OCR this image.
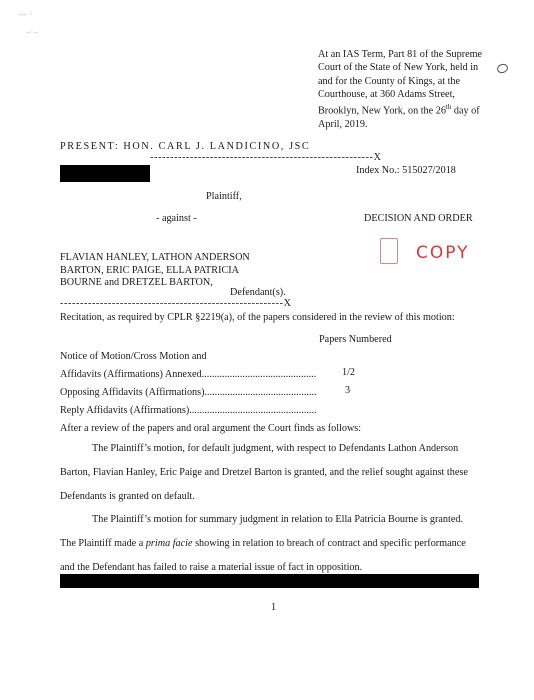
— ·
–·–
At an IAS Term, Part 81 of the Supreme Court of the State of New York, held in and for the County of Kings, at the Courthouse, at 360 Adams Street, Brooklyn, New York, on the 26th day of April, 2019.
PRESENT: HON. CARL J. LANDICINO, JSC
--------------------------------------------------------X
Index No.: 515027/2018
Plaintiff,
- against -	DECISION AND ORDER
COPY
FLAVIAN HANLEY, LATHON ANDERSON
BARTON, ERIC PAIGE, ELLA PATRICIA
BOURNE and DRETZEL BARTON,
Defendant(s).
--------------------------------------------------------X
Recitation, as required by CPLR §2219(a), of the papers considered in the review of this motion:
Papers Numbered
Notice of Motion/Cross Motion and
Affidavits (Affirmations) Annexed.............................................	1/2
Opposing Affidavits (Affirmations)............................................	3
Reply Affidavits (Affirmations)..................................................
After a review of the papers and oral argument the Court finds as follows:
The Plaintiff’s motion, for default judgment, with respect to Defendants Lathon Anderson Barton, Flavian Hanley, Eric Paige and Dretzel Barton is granted, and the relief sought against these Defendants is granted on default.
The Plaintiff’s motion for summary judgment in relation to Ella Patricia Bourne is granted. The Plaintiff made a prima facie showing in relation to breach of contract and specific performance and the Defendant has failed to raise a material issue of fact in opposition.
1
